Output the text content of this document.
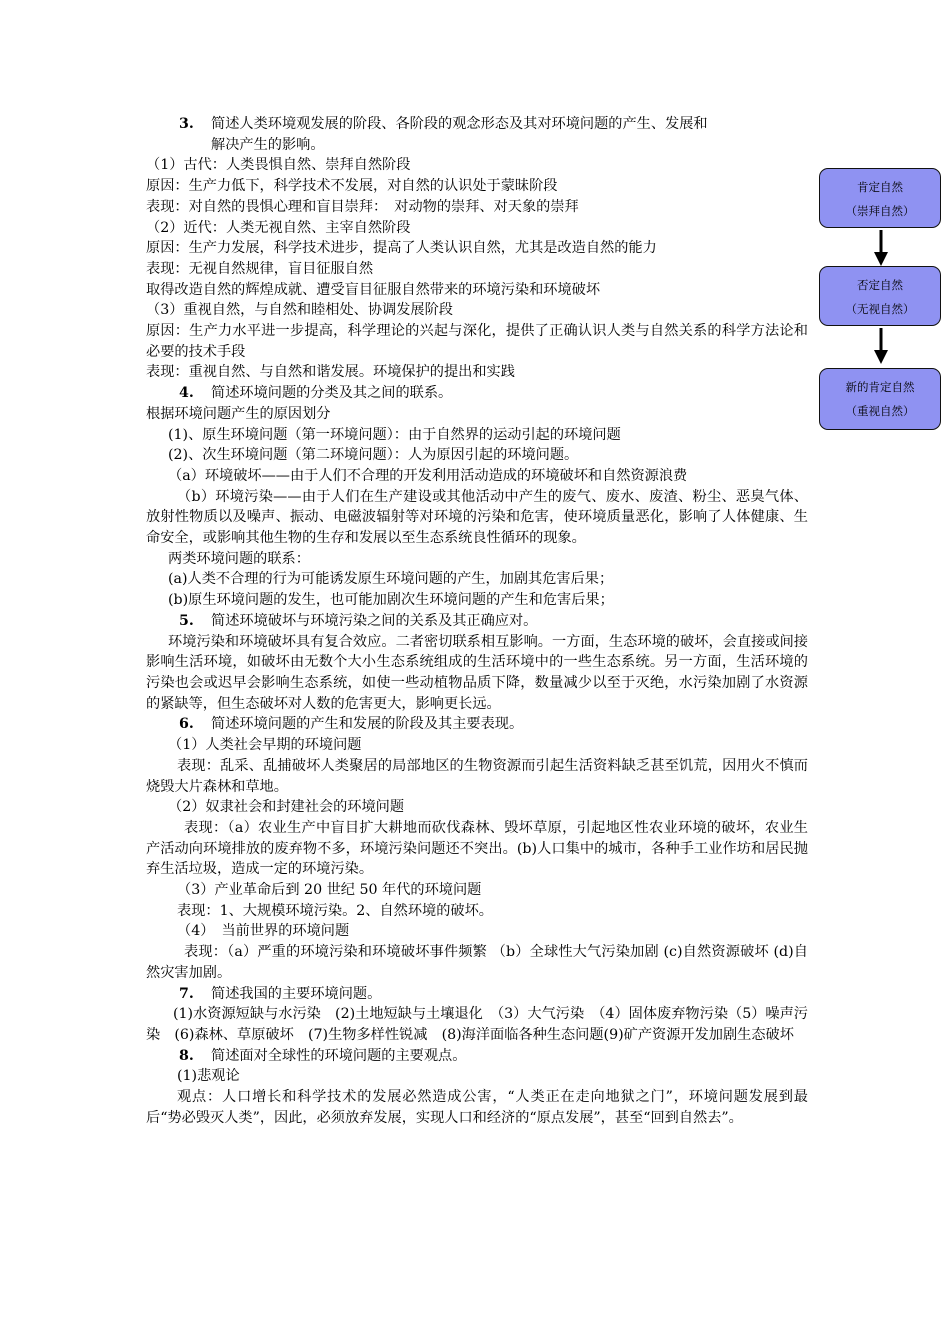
3. 简述人类环境观发展的阶段、各阶段的观念形态及其对环境问题的产生、发展和

解决产生的影响。

（1）古代：人类畏惧自然、崇拜自然阶段

原因：生产力低下，科学技术不发展，对自然的认识处于蒙昧阶段

表现：对自然的畏惧心理和盲目崇拜：　对动物的崇拜、对天象的崇拜

（2）近代：人类无视自然、主宰自然阶段

原因：生产力发展，科学技术进步，提高了人类认识自然，尤其是改造自然的能力

表现：无视自然规律，盲目征服自然

取得改造自然的辉煌成就、遭受盲目征服自然带来的环境污染和环境破坏

（3）重视自然，与自然和睦相处、协调发展阶段

原因：生产力水平进一步提高，科学理论的兴起与深化，提供了正确认识人类与自然关系的科学方法论和必要的技术手段

表现：重视自然、与自然和谐发展。环境保护的提出和实践

4. 简述环境问题的分类及其之间的联系。

根据环境问题产生的原因划分

(1)、原生环境问题（第一环境问题）：由于自然界的运动引起的环境问题

(2)、次生环境问题（第二环境问题）：人为原因引起的环境问题。

（a）环境破坏——由于人们不合理的开发利用活动造成的环境破坏和自然资源浪费

（b）环境污染——由于人们在生产建设或其他活动中产生的废气、废水、废渣、粉尘、恶臭气体、放射性物质以及噪声、振动、电磁波辐射等对环境的污染和危害，使环境质量恶化，影响了人体健康、生命安全，或影响其他生物的生存和发展以至生态系统良性循环的现象。

两类环境问题的联系：

(a)人类不合理的行为可能诱发原生环境问题的产生，加剧其危害后果；

(b)原生环境问题的发生，也可能加剧次生环境问题的产生和危害后果；

5. 简述环境破坏与环境污染之间的关系及其正确应对。

环境污染和环境破坏具有复合效应。二者密切联系相互影响。一方面，生态环境的破坏，会直接或间接影响生活环境，如破坏由无数个大小生态系统组成的生活环境中的一些生态系统。另一方面，生活环境的污染也会或迟早会影响生态系统，如使一些动植物品质下降，数量减少以至于灭绝，水污染加剧了水资源的紧缺等，但生态破坏对人数的危害更大，影响更长远。

6. 简述环境问题的产生和发展的阶段及其主要表现。

（1）人类社会早期的环境问题

表现：乱采、乱捕破坏人类聚居的局部地区的生物资源而引起生活资料缺乏甚至饥荒，因用火不慎而烧毁大片森林和草地。

（2）奴隶社会和封建社会的环境问题

表现：（a）农业生产中盲目扩大耕地而砍伐森林、毁坏草原，引起地区性农业环境的破坏，农业生产活动向环境排放的废弃物不多，环境污染问题还不突出。(b)人口集中的城市，各种手工业作坊和居民抛弃生活垃圾，造成一定的环境污染。

（3）产业革命后到 20 世纪 50 年代的环境问题

表现：1、大规模环境污染。2、自然环境的破坏。

（4）　当前世界的环境问题

表现：（a）严重的环境污染和环境破坏事件频繁 （b）全球性大气污染加剧 (c)自然资源破坏 (d)自然灾害加剧。

7. 简述我国的主要环境问题。

(1)水资源短缺与水污染　(2)土地短缺与土壤退化　（3）大气污染　（4）固体废弃物污染（5）噪声污染　(6)森林、草原破坏　(7)生物多样性锐减　(8)海洋面临各种生态问题(9)矿产资源开发加剧生态破坏

8. 简述面对全球性的环境问题的主要观点。

(1)悲观论

观点：人口增长和科学技术的发展必然造成公害，“人类正在走向地狱之门”，环境问题发展到最后“势必毁灭人类”，因此，必须放弃发展，实现人口和经济的“原点发展”，甚至“回到自然去”。

肯定自然
（崇拜自然）
否定自然
（无视自然）
新的肯定自然
（重视自然）
